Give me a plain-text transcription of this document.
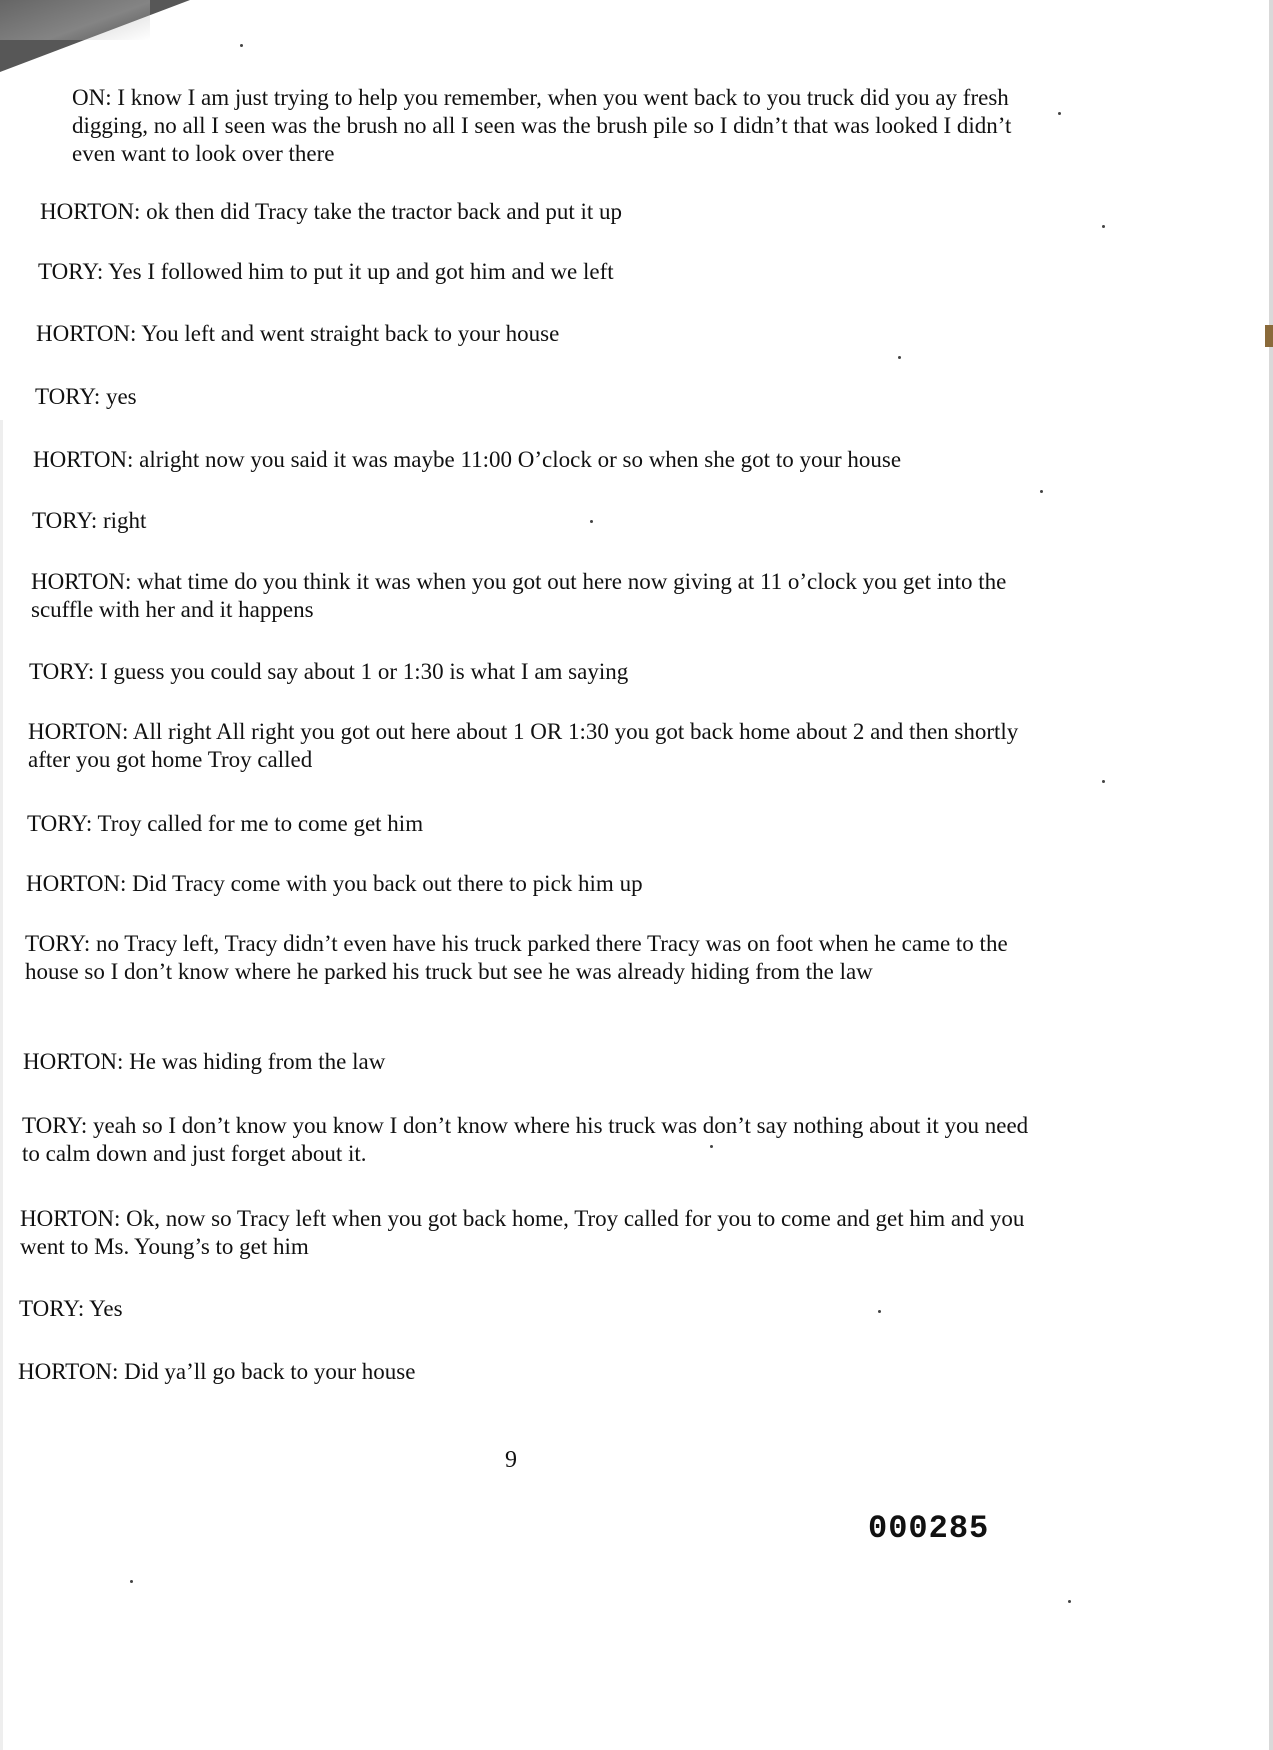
ON: I know I am just trying to help you remember, when you went back to you truck did you ay fresh digging, no all I seen was the brush no all I seen was the brush pile so I didn’t that was looked I didn’t even want to look over there

HORTON: ok then did Tracy take the tractor back and put it up

TORY: Yes I followed him to put it up and got him and we left

HORTON: You left and went straight back to your house

TORY: yes

HORTON: alright now you said it was maybe 11:00 O’clock or so when she got to your house

TORY: right

HORTON: what time do you think it was when you got out here now giving at 11 o’clock you get into the scuffle with her and it happens

TORY: I guess you could say about 1 or 1:30 is what I am saying

HORTON: All right All right you got out here about 1 OR 1:30 you got back home about 2 and then shortly after you got home Troy called

TORY: Troy called for me to come get him

HORTON: Did Tracy come with you back out there to pick him up

TORY: no Tracy left, Tracy didn’t even have his truck parked there Tracy was on foot when he came to the house so I don’t know where he parked his truck but see he was already hiding from the law

HORTON: He was hiding from the law

TORY: yeah so I don’t know you know I don’t know where his truck was don’t say nothing about it you need to calm down and just forget about it.

HORTON: Ok, now so Tracy left when you got back home, Troy called for you to come and get him and you went to Ms. Young’s to get him

TORY: Yes

HORTON: Did ya’ll go back to your house

9
000285
